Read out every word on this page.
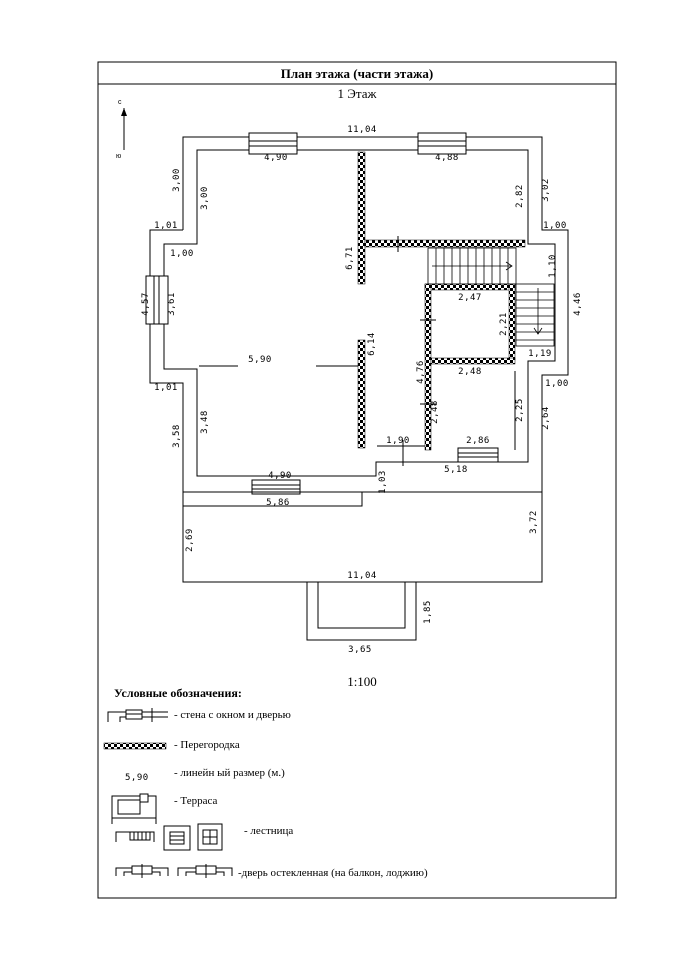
План этажа (части этажа)
1 Этаж
с
ю
11,04
4,90	4,88
1,01
1,00
1,00
2,47
1,19
5,90
2,48
1,01	1,00
1,90	2,86
5,18
4,90
5,86
11,04
3,65
3,00
3,00
4,57 3,61
3,58
3,48
6,71
6,14
2,82 3,02
1,10
4,46
2,21
4,76
2,48	2,25 2,64
1,03
2,69
3,72
1,85
1:100
Условные обозначения:
- стена с окном и дверью
- Перегородка
5,90 - линейн ый размер (м.)
- Терраса
- лестница
-дверь остекленная (на балкон, лоджию)
